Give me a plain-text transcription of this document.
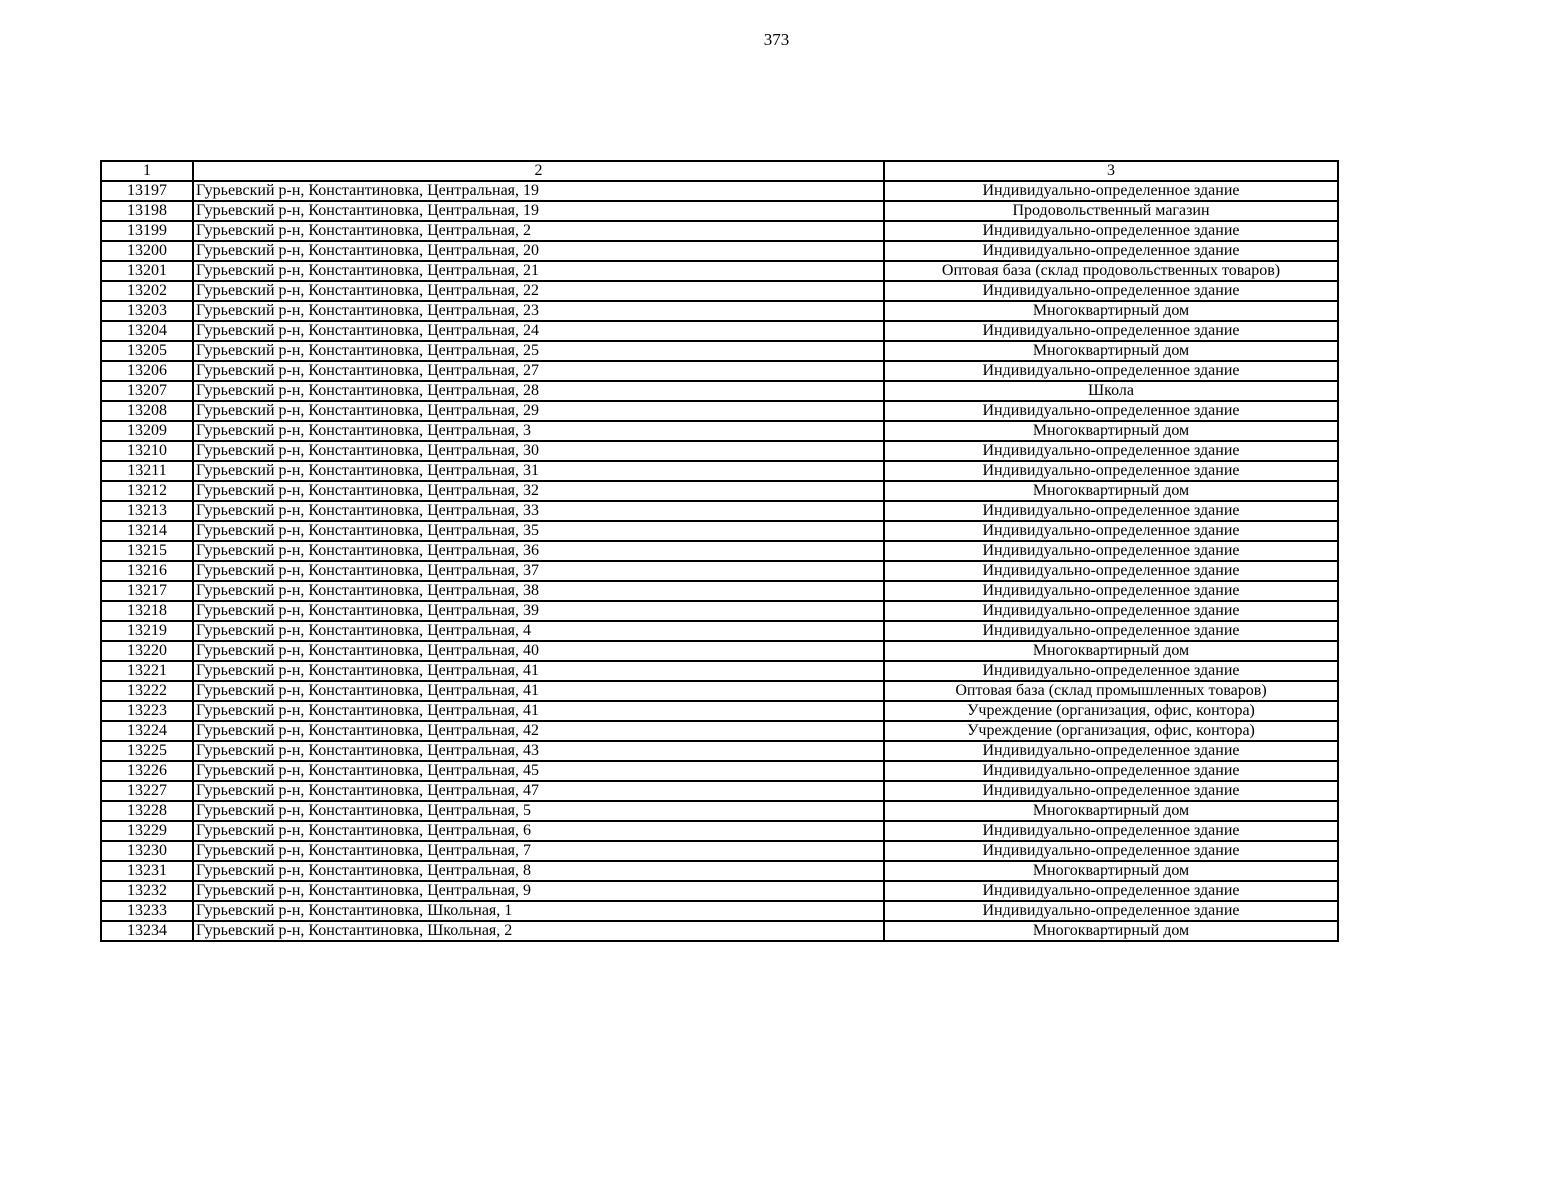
373
1	2	3
13197	Гурьевский р-н, Константиновка, Центральная, 19	Индивидуально-определенное здание
13198	Гурьевский р-н, Константиновка, Центральная, 19	Продовольственный магазин
13199	Гурьевский р-н, Константиновка, Центральная, 2	Индивидуально-определенное здание
13200	Гурьевский р-н, Константиновка, Центральная, 20	Индивидуально-определенное здание
13201	Гурьевский р-н, Константиновка, Центральная, 21	Оптовая база (склад продовольственных товаров)
13202	Гурьевский р-н, Константиновка, Центральная, 22	Индивидуально-определенное здание
13203	Гурьевский р-н, Константиновка, Центральная, 23	Многоквартирный дом
13204	Гурьевский р-н, Константиновка, Центральная, 24	Индивидуально-определенное здание
13205	Гурьевский р-н, Константиновка, Центральная, 25	Многоквартирный дом
13206	Гурьевский р-н, Константиновка, Центральная, 27	Индивидуально-определенное здание
13207	Гурьевский р-н, Константиновка, Центральная, 28	Школа
13208	Гурьевский р-н, Константиновка, Центральная, 29	Индивидуально-определенное здание
13209	Гурьевский р-н, Константиновка, Центральная, 3	Многоквартирный дом
13210	Гурьевский р-н, Константиновка, Центральная, 30	Индивидуально-определенное здание
13211	Гурьевский р-н, Константиновка, Центральная, 31	Индивидуально-определенное здание
13212	Гурьевский р-н, Константиновка, Центральная, 32	Многоквартирный дом
13213	Гурьевский р-н, Константиновка, Центральная, 33	Индивидуально-определенное здание
13214	Гурьевский р-н, Константиновка, Центральная, 35	Индивидуально-определенное здание
13215	Гурьевский р-н, Константиновка, Центральная, 36	Индивидуально-определенное здание
13216	Гурьевский р-н, Константиновка, Центральная, 37	Индивидуально-определенное здание
13217	Гурьевский р-н, Константиновка, Центральная, 38	Индивидуально-определенное здание
13218	Гурьевский р-н, Константиновка, Центральная, 39	Индивидуально-определенное здание
13219	Гурьевский р-н, Константиновка, Центральная, 4	Индивидуально-определенное здание
13220	Гурьевский р-н, Константиновка, Центральная, 40	Многоквартирный дом
13221	Гурьевский р-н, Константиновка, Центральная, 41	Индивидуально-определенное здание
13222	Гурьевский р-н, Константиновка, Центральная, 41	Оптовая база (склад промышленных товаров)
13223	Гурьевский р-н, Константиновка, Центральная, 41	Учреждение (организация, офис, контора)
13224	Гурьевский р-н, Константиновка, Центральная, 42	Учреждение (организация, офис, контора)
13225	Гурьевский р-н, Константиновка, Центральная, 43	Индивидуально-определенное здание
13226	Гурьевский р-н, Константиновка, Центральная, 45	Индивидуально-определенное здание
13227	Гурьевский р-н, Константиновка, Центральная, 47	Индивидуально-определенное здание
13228	Гурьевский р-н, Константиновка, Центральная, 5	Многоквартирный дом
13229	Гурьевский р-н, Константиновка, Центральная, 6	Индивидуально-определенное здание
13230	Гурьевский р-н, Константиновка, Центральная, 7	Индивидуально-определенное здание
13231	Гурьевский р-н, Константиновка, Центральная, 8	Многоквартирный дом
13232	Гурьевский р-н, Константиновка, Центральная, 9	Индивидуально-определенное здание
13233	Гурьевский р-н, Константиновка, Школьная, 1	Индивидуально-определенное здание
13234	Гурьевский р-н, Константиновка, Школьная, 2	Многоквартирный дом
